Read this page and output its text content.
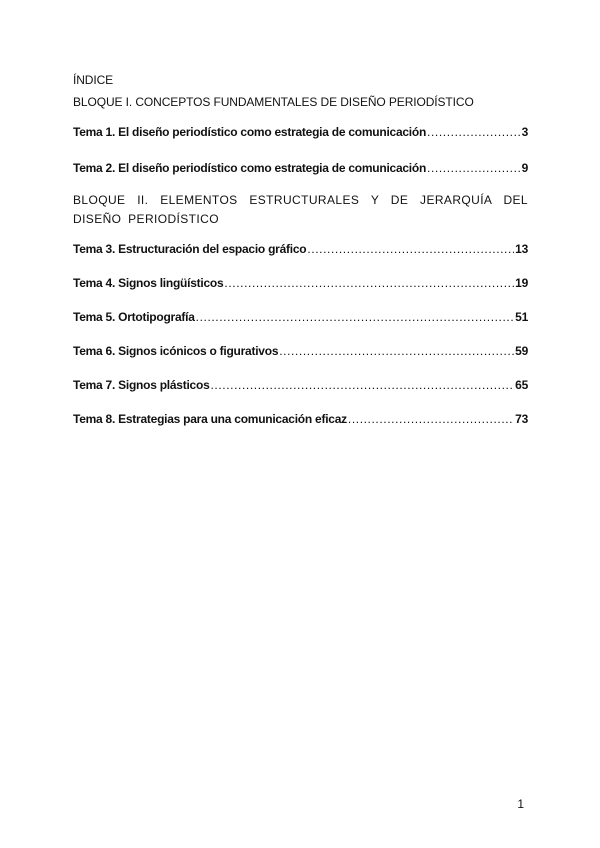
ÍNDICE
BLOQUE I. CONCEPTOS FUNDAMENTALES DE DISEÑO PERIODÍSTICO
Tema 1. El diseño periodístico como estrategia de comunicación .....	3
Tema 2. El diseño periodístico como estrategia de comunicación .....	9
BLOQUE II. ELEMENTOS ESTRUCTURALES Y DE JERARQUÍA DEL DISEÑO PERIODÍSTICO
Tema 3. Estructuración del espacio gráfico .....	13
Tema 4. Signos lingüísticos .....	19
Tema 5. Ortotipografía .....	51
Tema 6. Signos icónicos o figurativos .....	59
Tema 7. Signos plásticos .....	65
Tema 8. Estrategias para una comunicación eficaz .....	73
1
